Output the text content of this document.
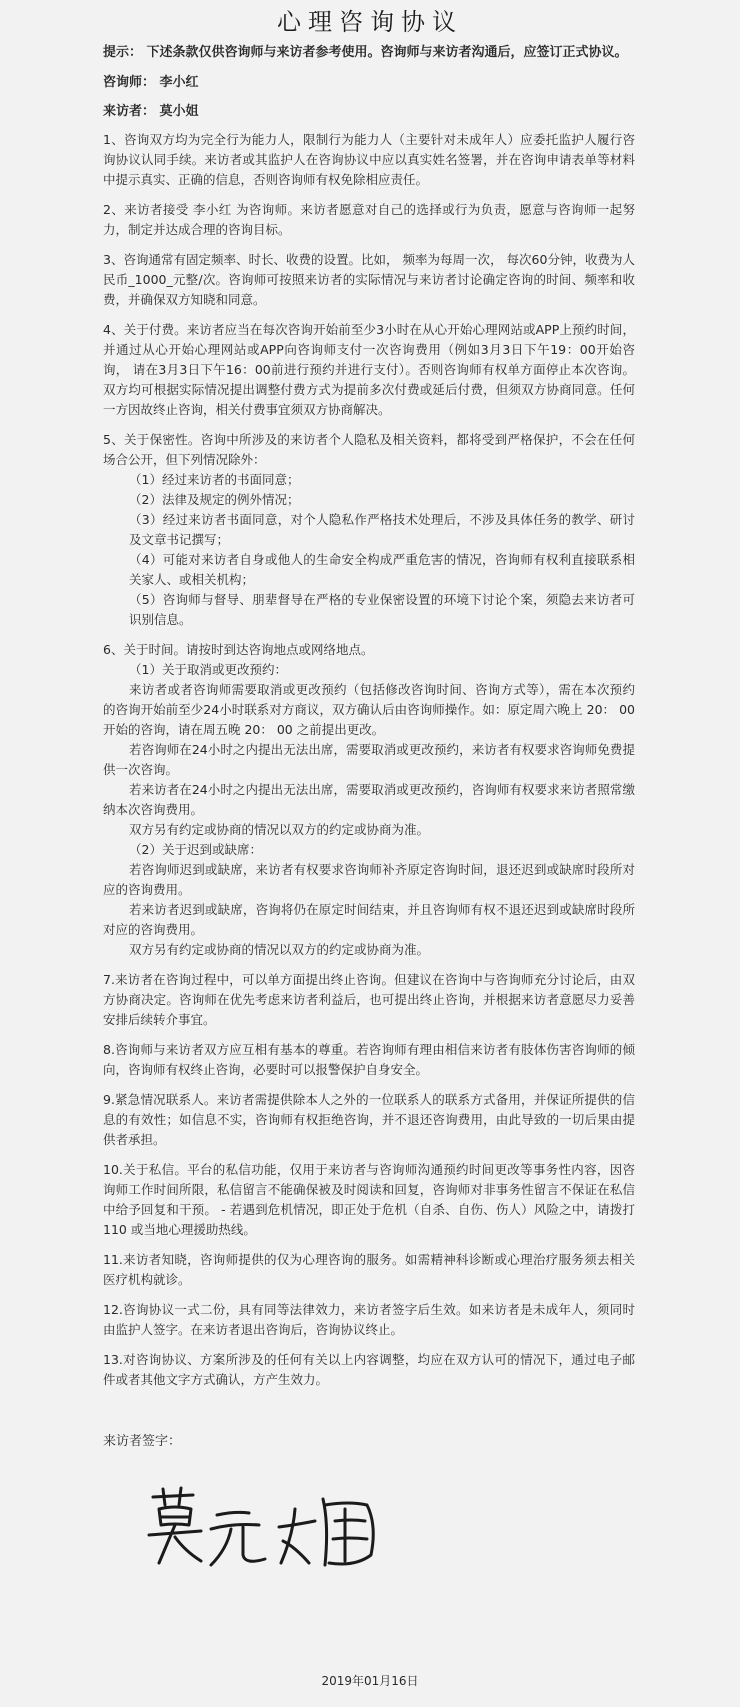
心理咨询协议

提示： 下述条款仅供咨询师与来访者参考使用。咨询师与来访者沟通后，应签订正式协议。

咨询师： 李小红

来访者： 莫小姐

1、咨询双方均为完全行为能力人，限制行为能力人（主要针对未成年人）应委托监护人履行咨询协议认同手续。来访者或其监护人在咨询协议中应以真实姓名签署，并在咨询申请表单等材料中提示真实、正确的信息，否则咨询师有权免除相应责任。

2、来访者接受 李小红 为咨询师。来访者愿意对自己的选择或行为负责，愿意与咨询师一起努力，制定并达成合理的咨询目标。

3、咨询通常有固定频率、时长、收费的设置。比如， 频率为每周一次， 每次60分钟，收费为人民币_1000_元整/次。咨询师可按照来访者的实际情况与来访者讨论确定咨询的时间、频率和收费，并确保双方知晓和同意。

4、关于付费。来访者应当在每次咨询开始前至少3小时在从心开始心理网站或APP上预约时间，并通过从心开始心理网站或APP向咨询师支付一次咨询费用（例如3月3日下午19：00开始咨询， 请在3月3日下午16：00前进行预约并进行支付）。否则咨询师有权单方面停止本次咨询。双方均可根据实际情况提出调整付费方式为提前多次付费或延后付费，但须双方协商同意。任何一方因故终止咨询，相关付费事宜须双方协商解决。

5、关于保密性。咨询中所涉及的来访者个人隐私及相关资料，都将受到严格保护，不会在任何场合公开，但下列情况除外：

（1）经过来访者的书面同意；

（2）法律及规定的例外情况；

（3）经过来访者书面同意，对个人隐私作严格技术处理后，不涉及具体任务的教学、研讨及文章书记撰写；

（4）可能对来访者自身或他人的生命安全构成严重危害的情况，咨询师有权利直接联系相关家人、或相关机构；

（5）咨询师与督导、朋辈督导在严格的专业保密设置的环境下讨论个案，须隐去来访者可识别信息。

6、关于时间。请按时到达咨询地点或网络地点。

（1）关于取消或更改预约：

来访者或者咨询师需要取消或更改预约（包括修改咨询时间、咨询方式等），需在本次预约的咨询开始前至少24小时联系对方商议，双方确认后由咨询师操作。如：原定周六晚上 20： 00 开始的咨询，请在周五晚 20： 00 之前提出更改。

若咨询师在24小时之内提出无法出席，需要取消或更改预约，来访者有权要求咨询师免费提供一次咨询。

若来访者在24小时之内提出无法出席，需要取消或更改预约，咨询师有权要求来访者照常缴纳本次咨询费用。

双方另有约定或协商的情况以双方的约定或协商为准。

（2）关于迟到或缺席：

若咨询师迟到或缺席，来访者有权要求咨询师补齐原定咨询时间，退还迟到或缺席时段所对应的咨询费用。

若来访者迟到或缺席，咨询将仍在原定时间结束，并且咨询师有权不退还迟到或缺席时段所对应的咨询费用。

双方另有约定或协商的情况以双方的约定或协商为准。

7.来访者在咨询过程中，可以单方面提出终止咨询。但建议在咨询中与咨询师充分讨论后，由双方协商决定。咨询师在优先考虑来访者利益后，也可提出终止咨询，并根据来访者意愿尽力妥善安排后续转介事宜。

8.咨询师与来访者双方应互相有基本的尊重。若咨询师有理由相信来访者有肢体伤害咨询师的倾向，咨询师有权终止咨询，必要时可以报警保护自身安全。

9.紧急情况联系人。来访者需提供除本人之外的一位联系人的联系方式备用，并保证所提供的信息的有效性；如信息不实，咨询师有权拒绝咨询，并不退还咨询费用，由此导致的一切后果由提供者承担。

10.关于私信。平台的私信功能，仅用于来访者与咨询师沟通预约时间更改等事务性内容，因咨询师工作时间所限，私信留言不能确保被及时阅读和回复，咨询师对非事务性留言不保证在私信中给予回复和干预。 - 若遇到危机情况，即正处于危机（自杀、自伤、伤人）风险之中，请拨打 110 或当地心理援助热线。

11.来访者知晓，咨询师提供的仅为心理咨询的服务。如需精神科诊断或心理治疗服务须去相关医疗机构就诊。

12.咨询协议一式二份，具有同等法律效力，来访者签字后生效。如来访者是未成年人，须同时由监护人签字。在来访者退出咨询后，咨询协议终止。

13.对咨询协议、方案所涉及的任何有关以上内容调整，均应在双方认可的情况下，通过电子邮件或者其他文字方式确认，方产生效力。

来访者签字：
2019年01月16日
